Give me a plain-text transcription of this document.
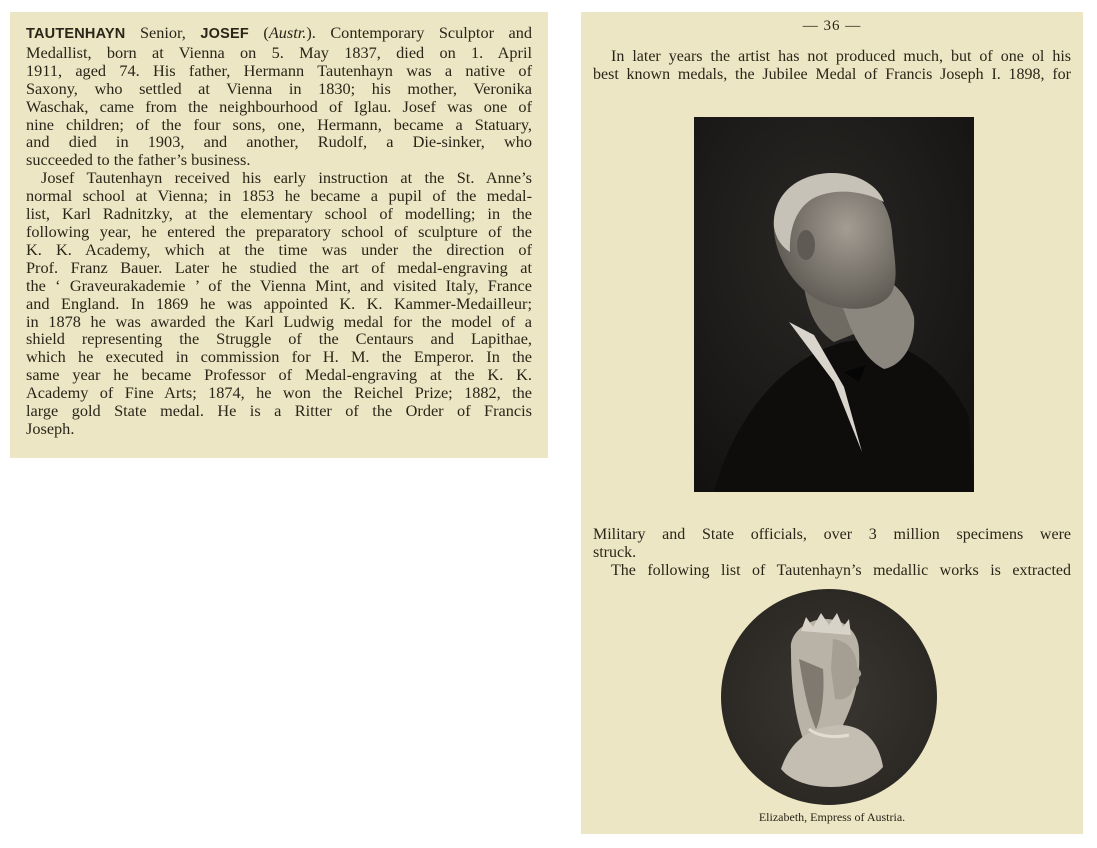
TAUTENHAYN Senior, JOSEF (Austr.). Contemporary Sculptor and
Medallist, born at Vienna on 5. May 1837, died on 1. April
1911, aged 74. His father, Hermann Tautenhayn was a native of
Saxony, who settled at Vienna in 1830; his mother, Veronika
Waschak, came from the neighbourhood of Iglau. Josef was one of
nine children; of the four sons, one, Hermann, became a Statuary,
and died in 1903, and another, Rudolf, a Die-sinker, who
succeeded to the father’s business.
Josef Tautenhayn received his early instruction at the St. Anne’s
normal school at Vienna; in 1853 he became a pupil of the medal-
list, Karl Radnitzky, at the elementary school of modelling; in the
following year, he entered the preparatory school of sculpture of the
K. K. Academy, which at the time was under the direction of
Prof. Franz Bauer. Later he studied the art of medal-engraving at
the ‘ Graveurakademie ’ of the Vienna Mint, and visited Italy, France
and England. In 1869 he was appointed K. K. Kammer-Medailleur;
in 1878 he was awarded the Karl Ludwig medal for the model of a
shield representing the Struggle of the Centaurs and Lapithae,
which he executed in commission for H. M. the Emperor. In the
same year he became Professor of Medal-engraving at the K. K.
Academy of Fine Arts; 1874, he won the Reichel Prize; 1882, the
large gold State medal. He is a Ritter of the Order of Francis
Joseph.
— 36 —
In later years the artist has not produced much, but of one ol his
best known medals, the Jubilee Medal of Francis Joseph I. 1898, for
Military and State officials, over 3 million specimens were
struck.
The following list of Tautenhayn’s medallic works is extracted
Elizabeth, Empress of Austria.
